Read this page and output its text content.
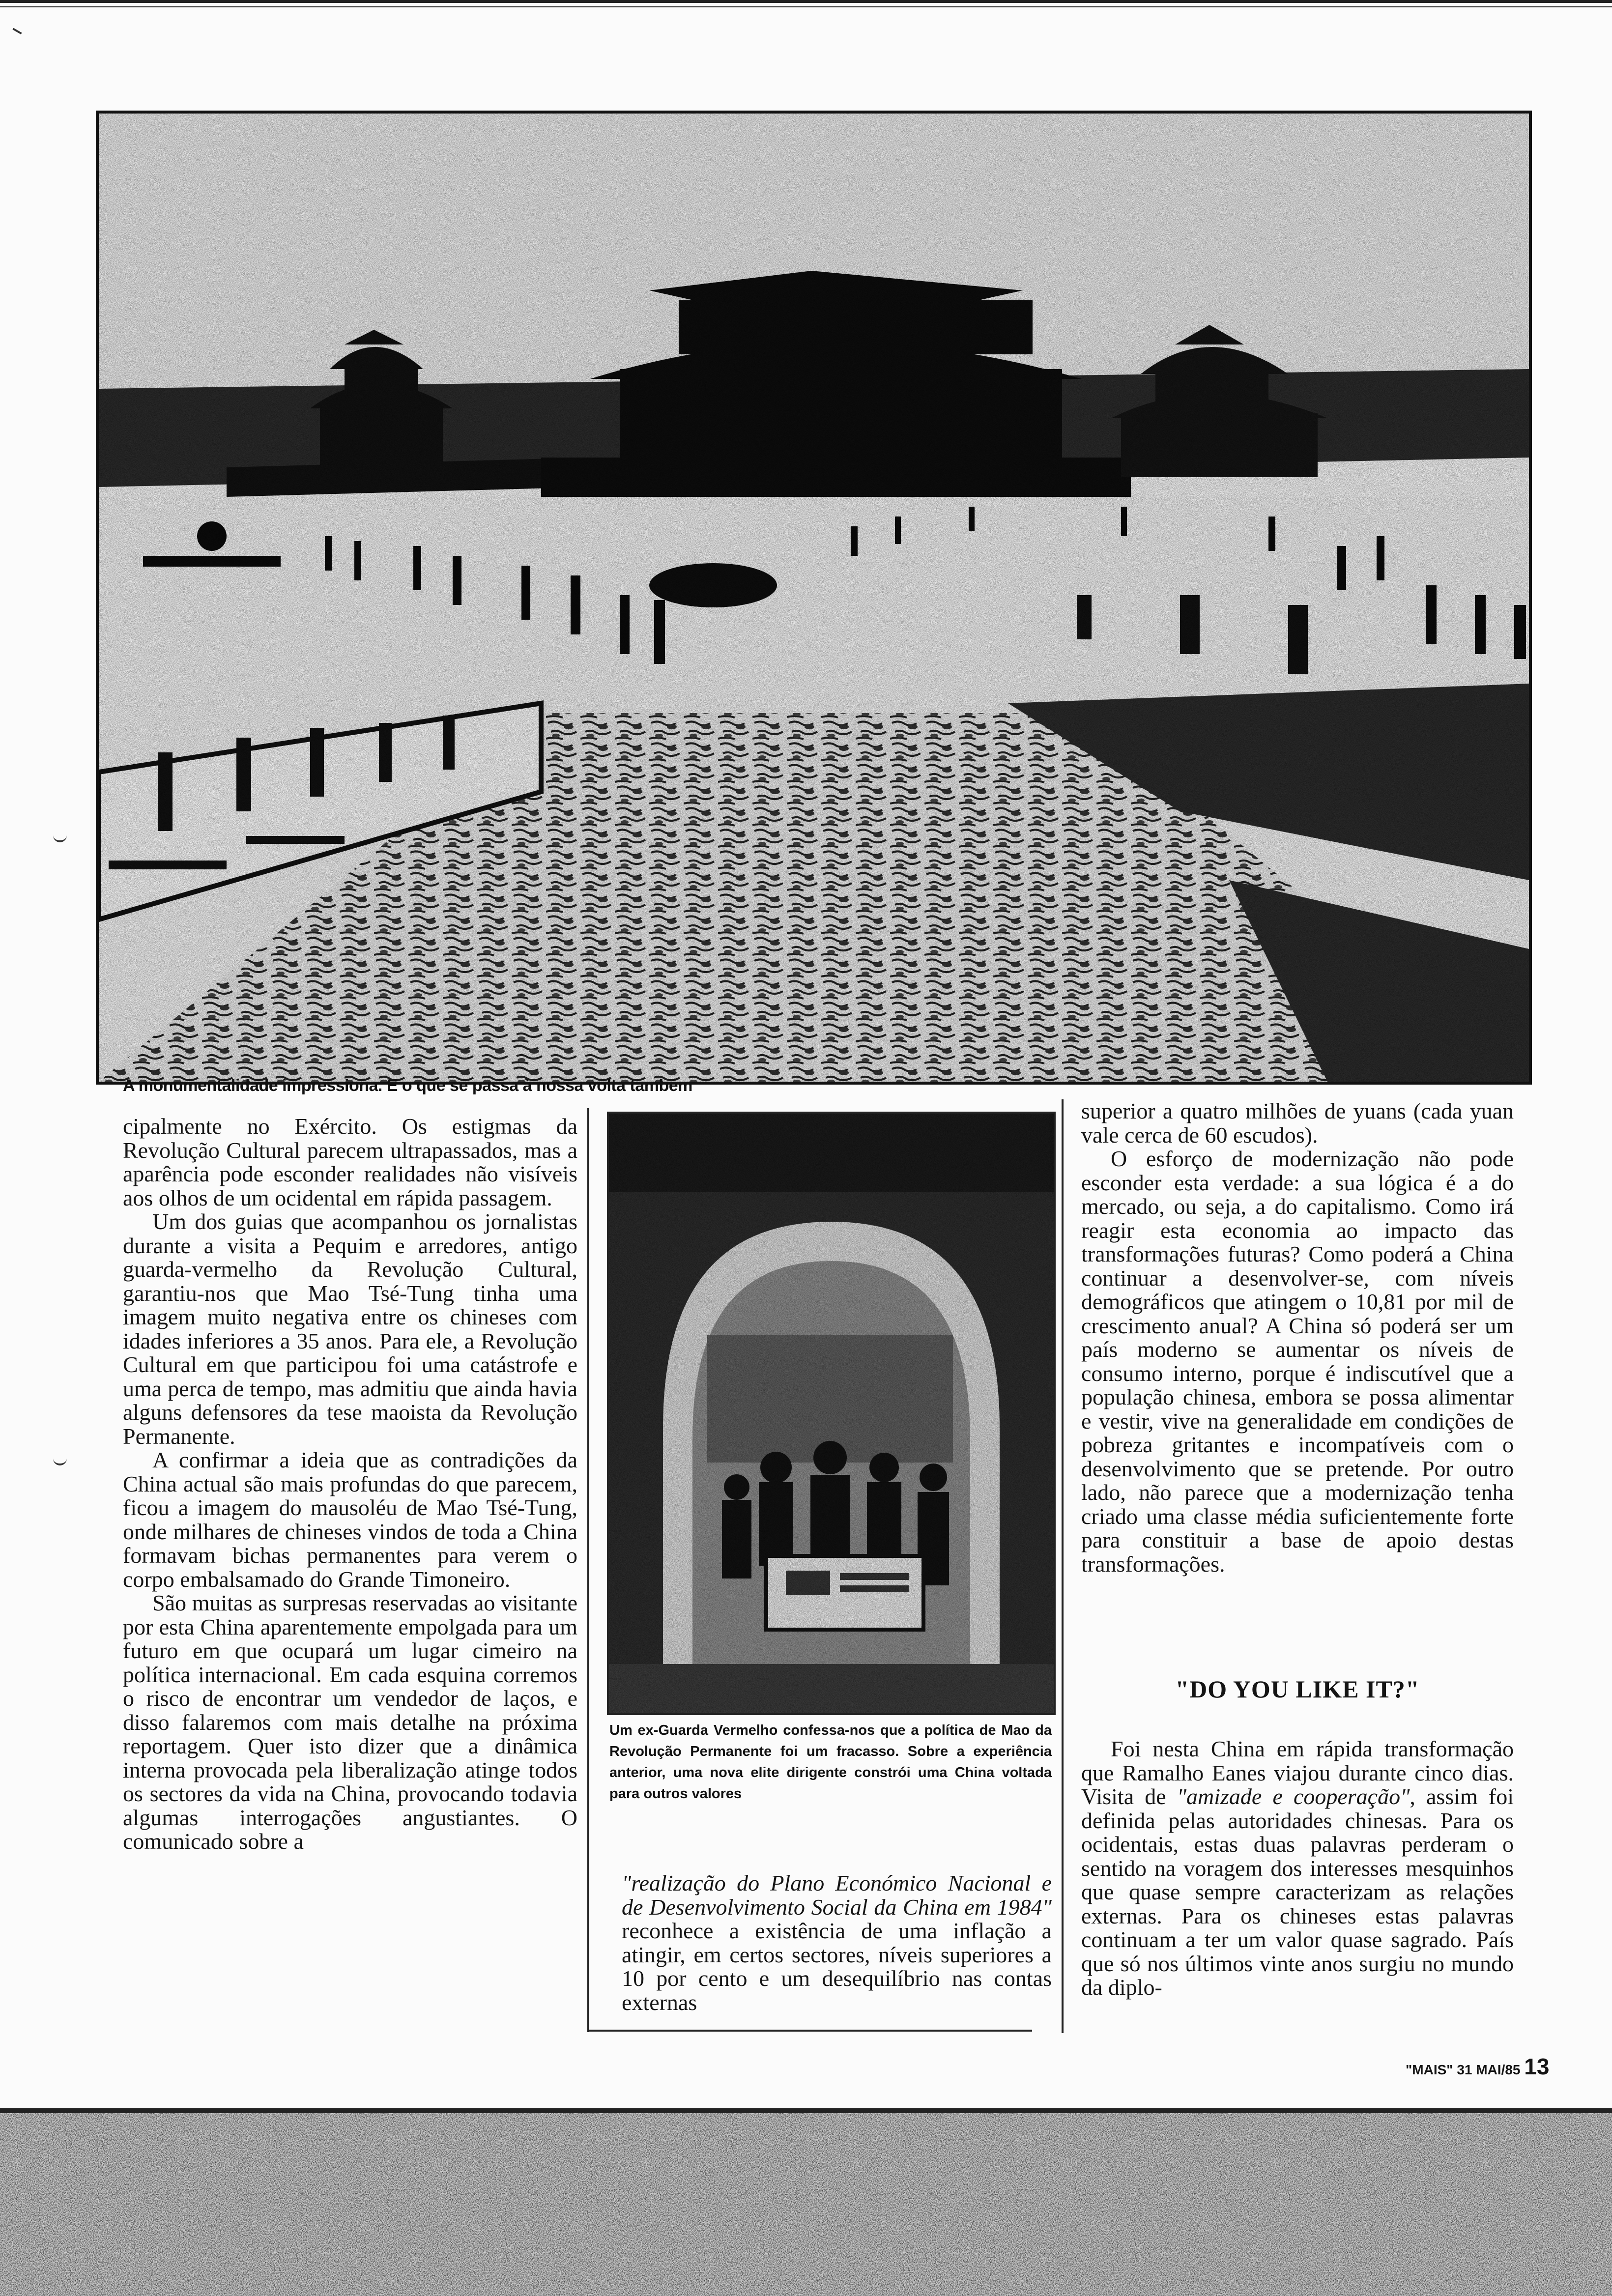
A monumentalidade impressiona. E o que se passa à nossa volta também

cipalmente no Exército. Os estigmas da Revolução Cultural parecem ultrapassados, mas a aparência pode esconder realidades não visíveis aos olhos de um ocidental em rápida passagem.

Um dos guias que acompanhou os jornalistas durante a visita a Pequim e arredores, antigo guarda-vermelho da Revolução Cultural, garantiu-nos que Mao Tsé-Tung tinha uma imagem muito negativa entre os chineses com idades inferiores a 35 anos. Para ele, a Revolução Cultural em que participou foi uma catástrofe e uma perca de tempo, mas admitiu que ainda havia alguns defensores da tese maoista da Revolução Permanente.

A confirmar a ideia que as contradições da China actual são mais profundas do que parecem, ficou a imagem do mausoléu de Mao Tsé-Tung, onde milhares de chineses vindos de toda a China formavam bichas permanentes para verem o corpo embalsamado do Grande Timoneiro.

São muitas as surpresas reservadas ao visitante por esta China aparentemente empolgada para um futuro em que ocupará um lugar cimeiro na política internacional. Em cada esquina corremos o risco de encontrar um vendedor de laços, e disso falaremos com mais detalhe na próxima reportagem. Quer isto dizer que a dinâmica interna provocada pela liberalização atinge todos os sectores da vida na China, provocando todavia algumas interrogações angustiantes. O comunicado sobre a

Um ex-Guarda Vermelho confessa-nos que a política de Mao da Revolução Permanente foi um fracasso. Sobre a experiência anterior, uma nova elite dirigente constrói uma China voltada para outros valores

"realização do Plano Económico Nacional e de Desenvolvimento Social da China em 1984" reconhece a existência de uma inflação a atingir, em certos sectores, níveis superiores a 10 por cento e um desequilíbrio nas contas externas

superior a quatro milhões de yuans (cada yuan vale cerca de 60 escudos).

O esforço de modernização não pode esconder esta verdade: a sua lógica é a do mercado, ou seja, a do capitalismo. Como irá reagir esta economia ao impacto das transformações futuras? Como poderá a China continuar a desenvolver-se, com níveis demográficos que atingem o 10,81 por mil de crescimento anual? A China só poderá ser um país moderno se aumentar os níveis de consumo interno, porque é indiscutível que a população chinesa, embora se possa alimentar e vestir, vive na generalidade em condições de pobreza gritantes e incompatíveis com o desenvolvimento que se pretende. Por outro lado, não parece que a modernização tenha criado uma classe média suficientemente forte para constituir a base de apoio destas transformações.

"DO YOU LIKE IT?"

Foi nesta China em rápida transformação que Ramalho Eanes viajou durante cinco dias. Visita de "amizade e cooperação", assim foi definida pelas autoridades chinesas. Para os ocidentais, estas duas palavras perderam o sentido na voragem dos interesses mesquinhos que quase sempre caracterizam as relações externas. Para os chineses estas palavras continuam a ter um valor quase sagrado. País que só nos últimos vinte anos surgiu no mundo da diplo-

"MAIS" 31 MAI/85 13
